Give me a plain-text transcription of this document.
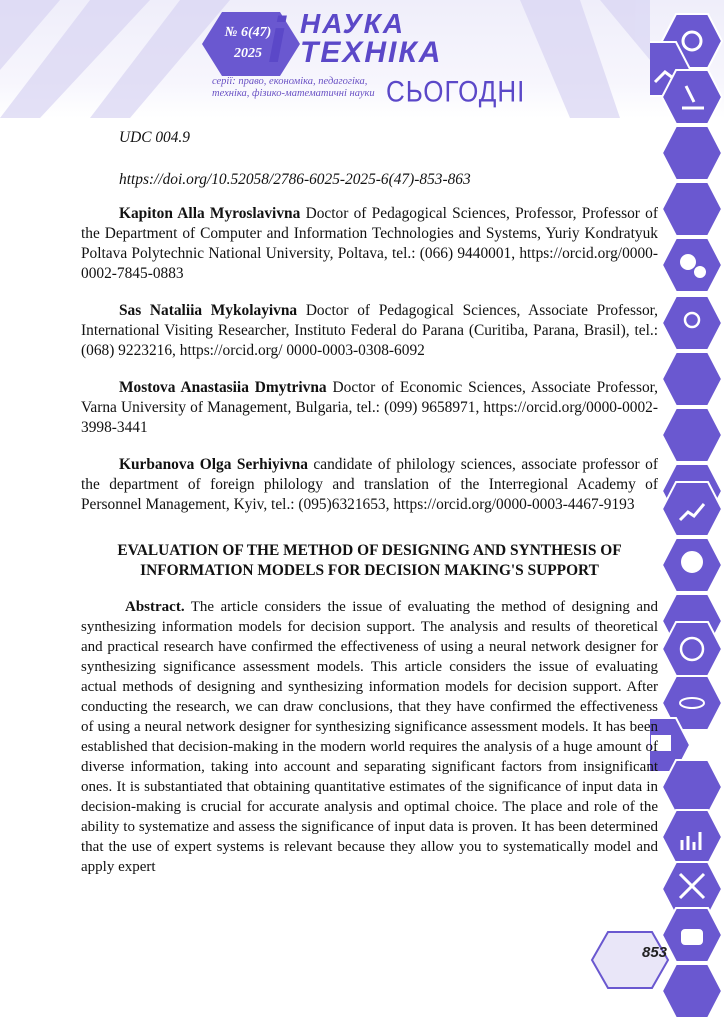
№ 6(47)
2025 i НАУКА
ТЕХНІКА
серії: право, економіка, педагогіка, техніка, фізико-математичні науки СЬОГОДНІ
853

UDC 004.9

https://doi.org/10.52058/2786-6025-2025-6(47)-853-863

Kapiton Alla Myroslavivna Doctor of Pedagogical Sciences, Professor, Professor of the Department of Computer and Information Technologies and Systems, Yuriy Kondratyuk Poltava Polytechnic National University, Poltava, tel.: (066) 9440001, https://orcid.org/0000-0002-7845-0883

Sas Nataliia Mykolayivna Doctor of Pedagogical Sciences, Associate Professor, International Visiting Researcher, Instituto Federal do Parana (Curitiba, Parana, Brasil), tel.: (068) 9223216, https://orcid.org/ 0000-0003-0308-6092

Mostova Anastasiia Dmytrivna Doctor of Economic Sciences, Associate Professor, Varna University of Management, Bulgaria, tel.: (099) 9658971, https://orcid.org/0000-0002-3998-3441

Kurbanova Olga Serhiyivna candidate of philology sciences, associate professor of the department of foreign philology and translation of the Interregional Academy of Personnel Management, Kyiv, tel.: (095)6321653, https://orcid.org/0000-0003-4467-9193

EVALUATION OF THE METHOD OF DESIGNING AND SYNTHESIS OF INFORMATION MODELS FOR DECISION MAKING'S SUPPORT

Abstract. The article considers the issue of evaluating the method of designing and synthesizing information models for decision support. The analysis and results of theoretical and practical research have confirmed the effectiveness of using a neural network designer for synthesizing significance assessment models. This article considers the issue of evaluating actual methods of designing and synthesizing information models for decision support. After conducting the research, we can draw conclusions, that they have confirmed the effectiveness of using a neural network designer for synthesizing significance assessment models. It has been established that decision-making in the modern world requires the analysis of a huge amount of diverse information, taking into account and separating significant factors from insignificant ones. It is substantiated that obtaining quantitative estimates of the significance of input data in decision-making is crucial for accurate analysis and optimal choice. The place and role of the ability to systematize and assess the significance of input data is proven. It has been determined that the use of expert systems is relevant because they allow you to systematically model and apply expert
